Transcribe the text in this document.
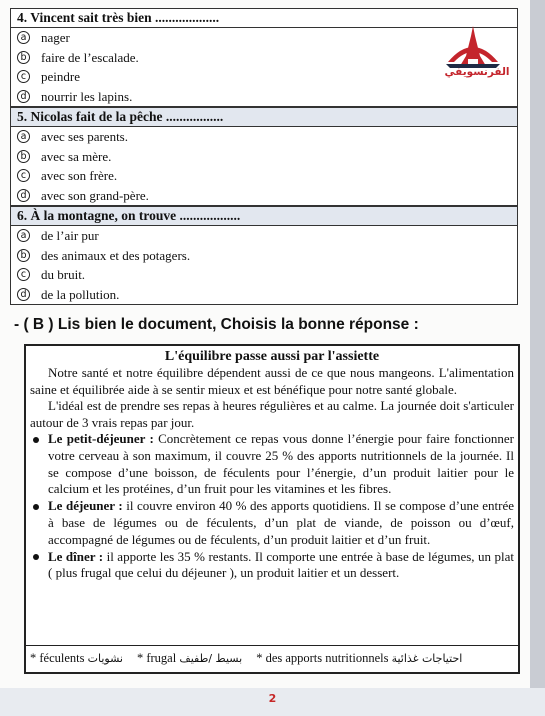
4. Vincent sait très bien ...................
a nager
b faire de l’escalade.
c peindre
d nourrir les lapins.
5. Nicolas fait de la pêche .................
a avec ses parents.
b avec sa mère.
c avec son frère.
d avec son grand-père.
6. À la montagne, on trouve ..................
a de l’air pur
b des animaux et des potagers.
c du bruit.
d de la pollution.
الفرنسويفي
- ( B ) Lis bien le document, Choisis la bonne réponse :
L'équilibre passe aussi par l'assiette
Notre santé et notre équilibre dépendent aussi de ce que nous mangeons. L'alimentation saine et équilibrée aide à se sentir mieux et est bénéfique pour notre santé globale.
L'idéal est de prendre ses repas à heures régulières et au calme. La journée doit s'articuler autour de 3 vrais repas par jour.
Le petit-déjeuner : Concrètement ce repas vous donne l’énergie pour faire fonctionner votre cerveau à son maximum, il couvre 25 % des apports nutritionnels de la journée. Il se compose d’une boisson, de féculents pour l’énergie, d’un produit laitier pour le calcium et les protéines, d’un fruit pour les vitamines et les fibres.
Le déjeuner : il couvre environ 40 % des apports quotidiens. Il se compose d’une entrée à base de légumes ou de féculents, d’un plat de viande, de poisson ou d’œuf, accompagné de légumes ou de féculents, d’un produit laitier et d’un fruit.
Le dîner : il apporte les 35 % restants. Il comporte une entrée à base de légumes, un plat ( plus frugal que celui du déjeuner ), un produit laitier et un dessert.
* féculents نشويات * frugal بسيط /طفيف * des apports nutritionnels احتياجات غذائية
2
